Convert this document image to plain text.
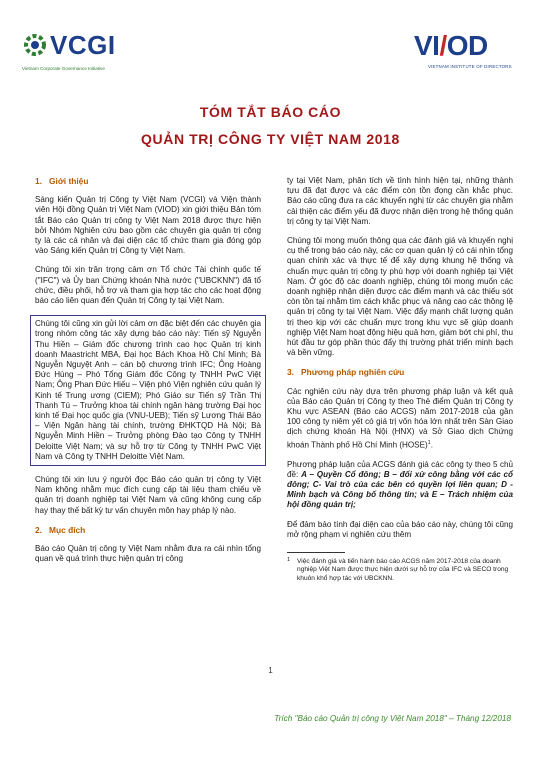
VCGI
Vietnam Corporate Governance Initiative
VI/OD
VIETNAM INSTITUTE OF DIRECTORS
TÓM TẮT BÁO CÁO
QUẢN TRỊ CÔNG TY VIỆT NAM 2018
1. Giới thiệu

Sáng kiến Quản trị Công ty Việt Nam (VCGI) và Viện thành viên Hội đồng Quản trị Việt Nam (VIOD) xin giới thiệu Bản tóm tắt Báo cáo Quản trị công ty Việt Nam 2018 được thực hiện bởi Nhóm Nghiên cứu bao gồm các chuyên gia quản trị công ty là các cá nhân và đại diện các tổ chức tham gia đóng góp vào Sáng kiến Quản trị Công ty Việt Nam.

Chúng tôi xin trân trọng cảm ơn Tổ chức Tài chính quốc tế ("IFC") và Ủy ban Chứng khoán Nhà nước ("UBCKNN") đã tổ chức, điều phối, hỗ trợ và tham gia hợp tác cho các hoạt động báo cáo liên quan đến Quản trị Công ty tại Việt Nam.

Chúng tôi cũng xin gửi lời cảm ơn đặc biệt đến các chuyên gia trong nhóm công tác xây dựng báo cáo này: Tiến sỹ Nguyễn Thu Hiền – Giám đốc chương trình cao học Quản trị kinh doanh Maastricht MBA, Đại học Bách Khoa Hồ Chí Minh; Bà Nguyễn Nguyệt Anh – cán bộ chương trình IFC; Ông Hoàng Đức Hùng – Phó Tổng Giám đốc Công ty TNHH PwC Việt Nam; Ông Phan Đức Hiếu – Viện phó Viện nghiên cứu quản lý Kinh tế Trung ương (CIEM); Phó Giáo sư Tiến sỹ Trần Thị Thanh Tú – Trưởng khoa tài chính ngân hàng trường Đại học kinh tế Đại học quốc gia (VNU-UEB); Tiến sỹ Lương Thái Bảo – Viện Ngân hàng tài chính, trường ĐHKTQD Hà Nội; Bà Nguyễn Minh Hiền – Trưởng phòng Đào tạo Công ty TNHH Deloitte Việt Nam; và sự hỗ trợ từ Công ty TNHH PwC Việt Nam và Công ty TNHH Deloitte Việt Nam.

Chúng tôi xin lưu ý người đọc Báo cáo quản trị công ty Việt Nam không nhằm mục đích cung cấp tài liệu tham chiếu về quản trị doanh nghiệp tại Việt Nam và cũng không cung cấp hay thay thế bất kỳ tư vấn chuyên môn hay pháp lý nào.

2. Mục đích

Báo cáo Quản trị công ty Việt Nam nhằm đưa ra cái nhìn tổng quan về quá trình thực hiện quản trị công

ty tại Việt Nam, phân tích về tình hình hiện tại, những thành tựu đã đạt được và các điểm còn tồn đọng cần khắc phục. Báo cáo cũng đưa ra các khuyến nghị từ các chuyên gia nhằm cải thiện các điểm yếu đã được nhận diện trong hệ thống quản trị công ty tại Việt Nam.

Chúng tôi mong muốn thông qua các đánh giá và khuyến nghị cụ thể trong báo cáo này, các cơ quan quản lý có cái nhìn tổng quan chính xác và thực tế để xây dựng khung hệ thống và chuẩn mực quản trị công ty phù hợp với doanh nghiệp tại Việt Nam. Ở góc độ các doanh nghiệp, chúng tôi mong muốn các doanh nghiệp nhận diện được các điểm mạnh và các thiếu sót còn tồn tại nhằm tìm cách khắc phục và nâng cao các thông lệ quản trị công ty tại Việt Nam. Việc đẩy mạnh chất lượng quản trị theo kịp với các chuẩn mực trong khu vực sẽ giúp doanh nghiệp Việt Nam hoạt động hiệu quả hơn, giảm bớt chi phí, thu hút đầu tư góp phần thúc đẩy thị trường phát triển minh bạch và bền vững.

3. Phương pháp nghiên cứu

Các nghiên cứu này dựa trên phương pháp luận và kết quả của Báo cáo Quản trị Công ty theo Thẻ điểm Quản trị Công ty Khu vực ASEAN (Báo cáo ACGS) năm 2017-2018 của gần 100 công ty niêm yết có giá trị vốn hóa lớn nhất trên Sàn Giao dịch chứng khoán Hà Nội (HNX) và Sở Giao dịch Chứng khoán Thành phố Hồ Chí Minh (HOSE)$^1$.

Phương pháp luận của ACGS đánh giá các công ty theo 5 chủ đề: A – Quyền Cổ đông; B – đối xử công bằng với các cổ đông; C- Vai trò của các bên có quyền lợi liên quan; D - Minh bạch và Công bố thông tin; và E – Trách nhiệm của hội đồng quản trị;

Để đảm bảo tính đại diện cao của báo cáo này, chúng tôi cũng mở rộng phạm vi nghiên cứu thêm

1 Việc đánh giá và tiến hành báo cáo ACGS năm 2017-2018 của doanh nghiệp Việt Nam được thực hiện dưới sự hỗ trợ của IFC và SECO trong khuôn khổ hợp tác với UBCKNN.
1
Trích "Báo cáo Quản trị công ty Việt Nam 2018" – Tháng 12/2018
